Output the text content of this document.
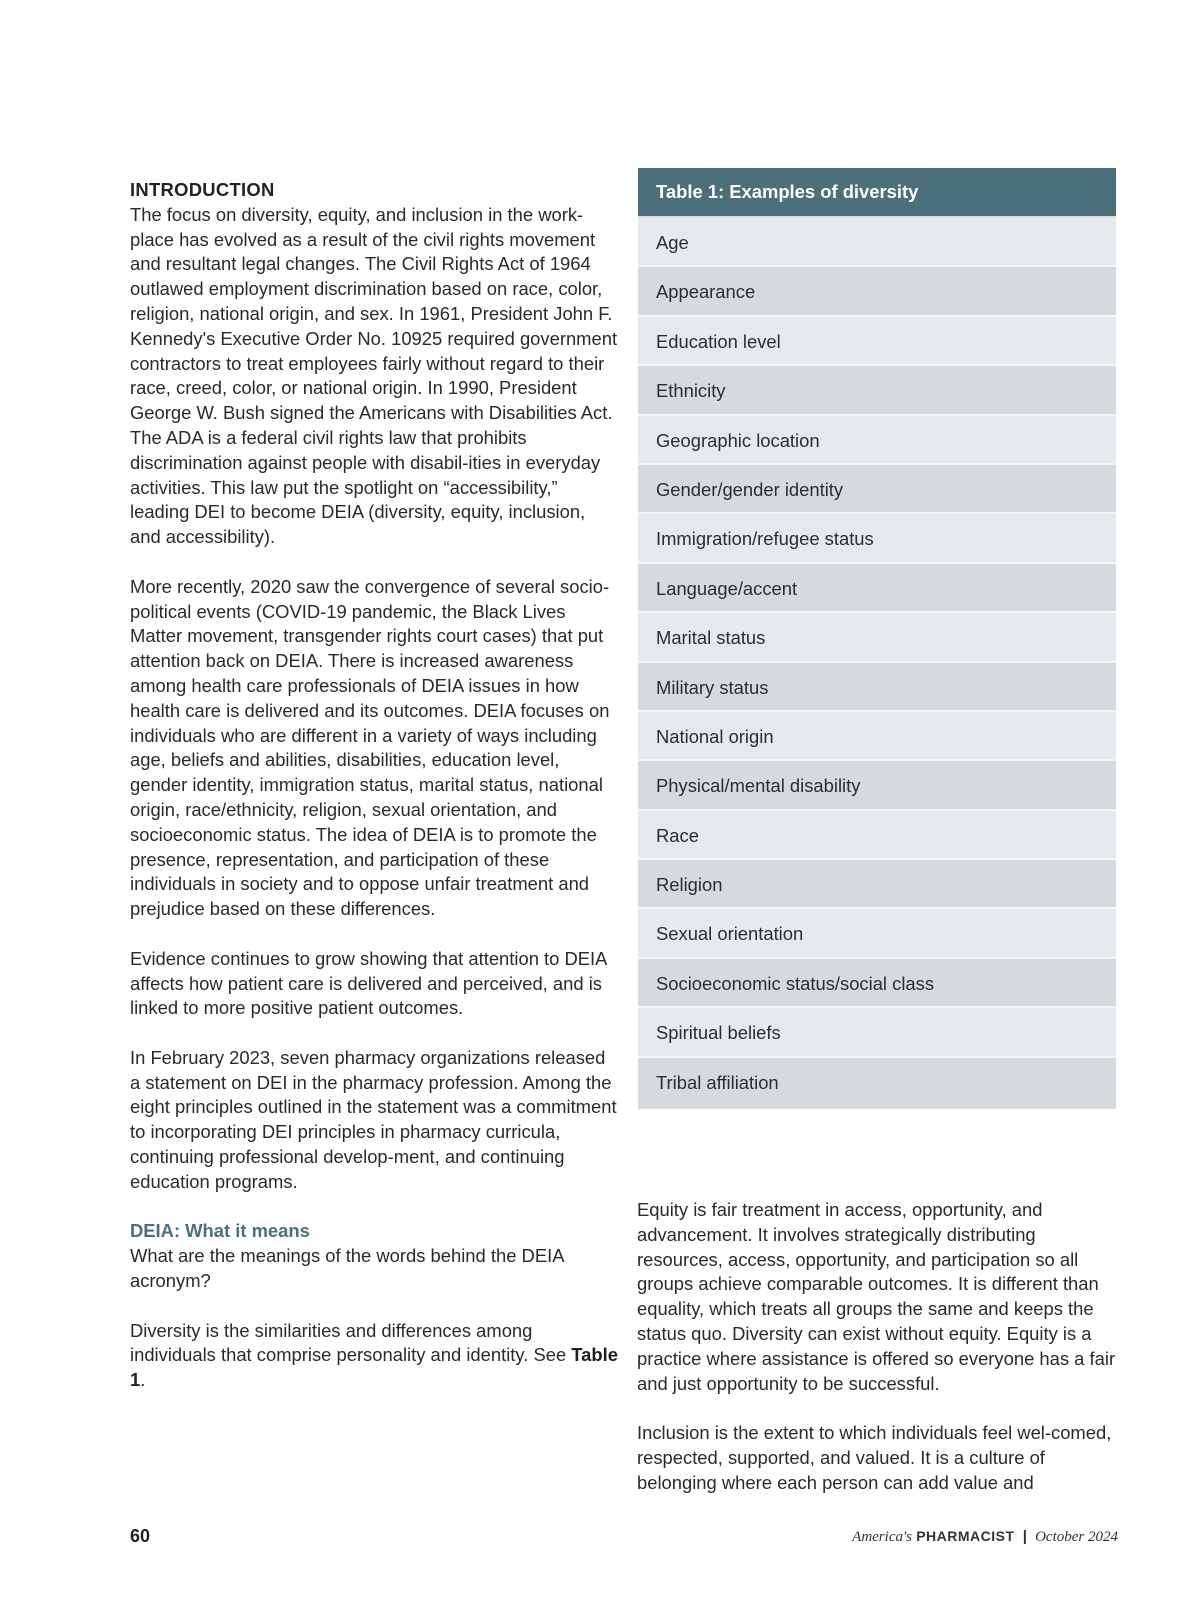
INTRODUCTION

The focus on diversity, equity, and inclusion in the work-place has evolved as a result of the civil rights movement and resultant legal changes. The Civil Rights Act of 1964 outlawed employment discrimination based on race, color, religion, national origin, and sex. In 1961, President John F. Kennedy's Executive Order No. 10925 required government contractors to treat employees fairly without regard to their race, creed, color, or national origin. In 1990, President George W. Bush signed the Americans with Disabilities Act. The ADA is a federal civil rights law that prohibits discrimination against people with disabil-ities in everyday activities. This law put the spotlight on “accessibility,” leading DEI to become DEIA (diversity, equity, inclusion, and accessibility).

More recently, 2020 saw the convergence of several socio-political events (COVID-19 pandemic, the Black Lives Matter movement, transgender rights court cases) that put attention back on DEIA. There is increased awareness among health care professionals of DEIA issues in how health care is delivered and its outcomes. DEIA focuses on individuals who are different in a variety of ways including age, beliefs and abilities, disabilities, education level, gender identity, immigration status, marital status, national origin, race/ethnicity, religion, sexual orientation, and socioeconomic status. The idea of DEIA is to promote the presence, representation, and participation of these individuals in society and to oppose unfair treatment and prejudice based on these differences.

Evidence continues to grow showing that attention to DEIA affects how patient care is delivered and perceived, and is linked to more positive patient outcomes.

In February 2023, seven pharmacy organizations released a statement on DEI in the pharmacy profession. Among the eight principles outlined in the statement was a commitment to incorporating DEI principles in pharmacy curricula, continuing professional develop-ment, and continuing education programs.

DEIA: What it means

What are the meanings of the words behind the DEIA acronym?

Diversity is the similarities and differences among individuals that comprise personality and identity. See Table 1.

Table 1: Examples of diversity
Age
Appearance
Education level
Ethnicity
Geographic location
Gender/gender identity
Immigration/refugee status
Language/accent
Marital status
Military status
National origin
Physical/mental disability
Race
Religion
Sexual orientation
Socioeconomic status/social class
Spiritual beliefs
Tribal affiliation

Equity is fair treatment in access, opportunity, and advancement. It involves strategically distributing resources, access, opportunity, and participation so all groups achieve comparable outcomes. It is different than equality, which treats all groups the same and keeps the status quo. Diversity can exist without equity. Equity is a practice where assistance is offered so everyone has a fair and just opportunity to be successful.

Inclusion is the extent to which individuals feel wel-comed, respected, supported, and valued. It is a culture of belonging where each person can add value and

60	America's PHARMACIST | October 2024
